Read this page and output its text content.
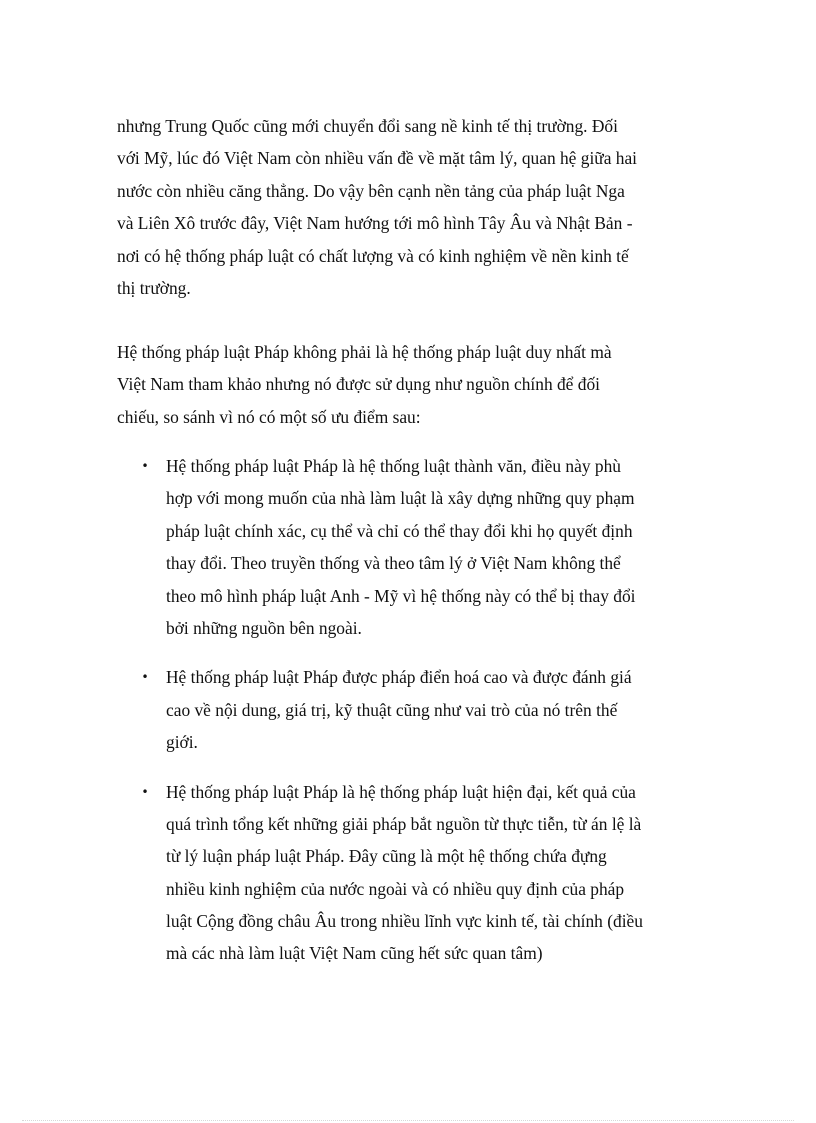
nhưng Trung Quốc cũng mới chuyển đổi sang nề kinh tế thị trường. Đối
với Mỹ, lúc đó Việt Nam còn nhiều vấn đề về mặt tâm lý, quan hệ giữa hai
nước còn nhiều căng thẳng. Do vậy bên cạnh nền tảng của pháp luật Nga
và Liên Xô trước đây, Việt Nam hướng tới mô hình Tây Âu và Nhật Bản -
nơi có hệ thống pháp luật có chất lượng và có kinh nghiệm về nền kinh tế
thị trường.
Hệ thống pháp luật Pháp không phải là hệ thống pháp luật duy nhất mà
Việt Nam tham khảo nhưng nó được sử dụng như nguồn chính để đối
chiếu, so sánh vì nó có một số ưu điểm sau:
• Hệ thống pháp luật Pháp là hệ thống luật thành văn, điều này phù
hợp với mong muốn của nhà làm luật là xây dựng những quy phạm
pháp luật chính xác, cụ thể và chỉ có thể thay đổi khi họ quyết định
thay đổi. Theo truyền thống và theo tâm lý ở Việt Nam không thể
theo mô hình pháp luật Anh - Mỹ vì hệ thống này có thể bị thay đổi
bởi những nguồn bên ngoài.
• Hệ thống pháp luật Pháp được pháp điển hoá cao và được đánh giá
cao về nội dung, giá trị, kỹ thuật cũng như vai trò của nó trên thế
giới.
• Hệ thống pháp luật Pháp là hệ thống pháp luật hiện đại, kết quả của
quá trình tổng kết những giải pháp bắt nguồn từ thực tiễn, từ án lệ là
từ lý luận pháp luật Pháp. Đây cũng là một hệ thống chứa đựng
nhiều kinh nghiệm của nước ngoài và có nhiều quy định của pháp
luật Cộng đồng châu Âu trong nhiều lĩnh vực kinh tế, tài chính (điều
mà các nhà làm luật Việt Nam cũng hết sức quan tâm)
